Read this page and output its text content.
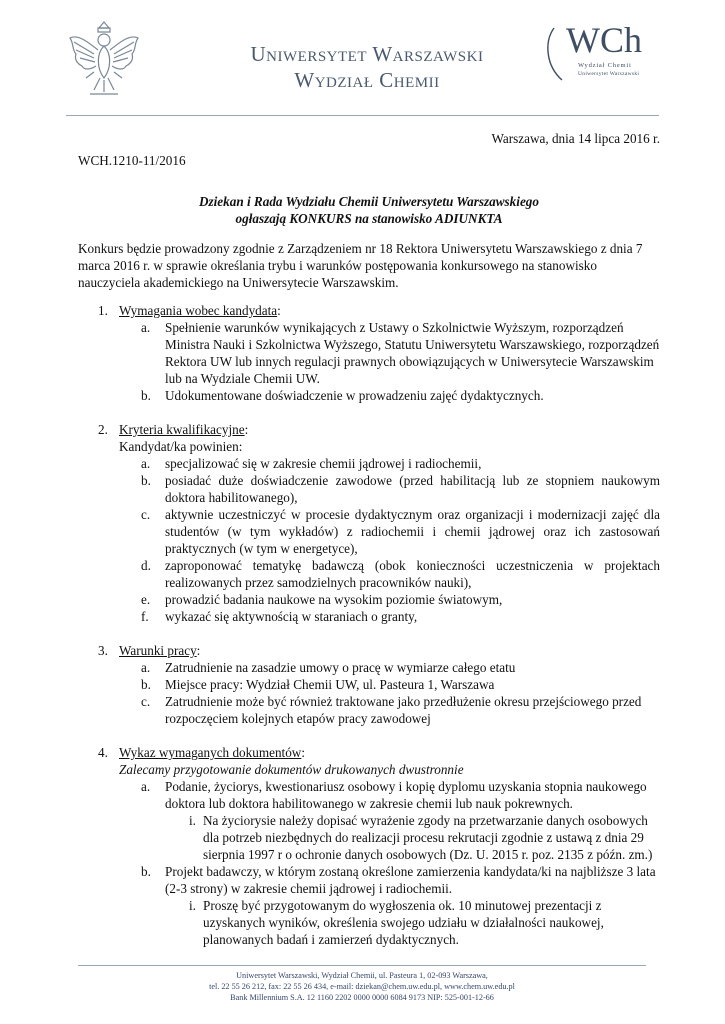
Uniwersytet Warszawski
Wydział Chemii
WCh
Wydział Chemii
Uniwersytet Warszawski
Warszawa, dnia 14 lipca 2016 r.
WCH.1210-11/2016
Dziekan i Rada Wydziału Chemii Uniwersytetu Warszawskiego
ogłaszają KONKURS na stanowisko ADIUNKTA
Konkurs będzie prowadzony zgodnie z Zarządzeniem nr 18 Rektora Uniwersytetu Warszawskiego z dnia 7 marca 2016 r. w sprawie określania trybu i warunków postępowania konkursowego na stanowisko nauczyciela akademickiego na Uniwersytecie Warszawskim.
1. Wymagania wobec kandydata:
a. Spełnienie warunków wynikających z Ustawy o Szkolnictwie Wyższym, rozporządzeń Ministra Nauki i Szkolnictwa Wyższego, Statutu Uniwersytetu Warszawskiego, rozporządzeń Rektora UW lub innych regulacji prawnych obowiązujących w Uniwersytecie Warszawskim lub na Wydziale Chemii UW.
b. Udokumentowane doświadczenie w prowadzeniu zajęć dydaktycznych.
2. Kryteria kwalifikacyjne:
Kandydat/ka powinien:
a. specjalizować się w zakresie chemii jądrowej i radiochemii,
b. posiadać duże doświadczenie zawodowe (przed habilitacją lub ze stopniem naukowym doktora habilitowanego),
c. aktywnie uczestniczyć w procesie dydaktycznym oraz organizacji i modernizacji zajęć dla studentów (w tym wykładów) z radiochemii i chemii jądrowej oraz ich zastosowań praktycznych (w tym w energetyce),
d. zaproponować tematykę badawczą (obok konieczności uczestniczenia w projektach realizowanych przez samodzielnych pracowników nauki),
e. prowadzić badania naukowe na wysokim poziomie światowym,
f. wykazać się aktywnością w staraniach o granty,
3. Warunki pracy:
a. Zatrudnienie na zasadzie umowy o pracę w wymiarze całego etatu
b. Miejsce pracy: Wydział Chemii UW, ul. Pasteura 1, Warszawa
c. Zatrudnienie może być również traktowane jako przedłużenie okresu przejściowego przed rozpoczęciem kolejnych etapów pracy zawodowej
4. Wykaz wymaganych dokumentów:
Zalecamy przygotowanie dokumentów drukowanych dwustronnie
a. Podanie, życiorys, kwestionariusz osobowy i kopię dyplomu uzyskania stopnia naukowego doktora lub doktora habilitowanego w zakresie chemii lub nauk pokrewnych.
i. Na życiorysie należy dopisać wyrażenie zgody na przetwarzanie danych osobowych dla potrzeb niezbędnych do realizacji procesu rekrutacji zgodnie z ustawą z dnia 29 sierpnia 1997 r o ochronie danych osobowych (Dz. U. 2015 r. poz. 2135 z późn. zm.)
b. Projekt badawczy, w którym zostaną określone zamierzenia kandydata/ki na najbliższe 3 lata (2-3 strony) w zakresie chemii jądrowej i radiochemii.
i. Proszę być przygotowanym do wygłoszenia ok. 10 minutowej prezentacji z uzyskanych wyników, określenia swojego udziału w działalności naukowej, planowanych badań i zamierzeń dydaktycznych.
Uniwersytet Warszawski, Wydział Chemii, ul. Pasteura 1, 02-093 Warszawa,
tel. 22 55 26 212, fax: 22 55 26 434, e-mail: dziekan@chem.uw.edu.pl, www.chem.uw.edu.pl
Bank Millennium S.A. 12 1160 2202 0000 0000 6084 9173 NIP: 525-001-12-66
